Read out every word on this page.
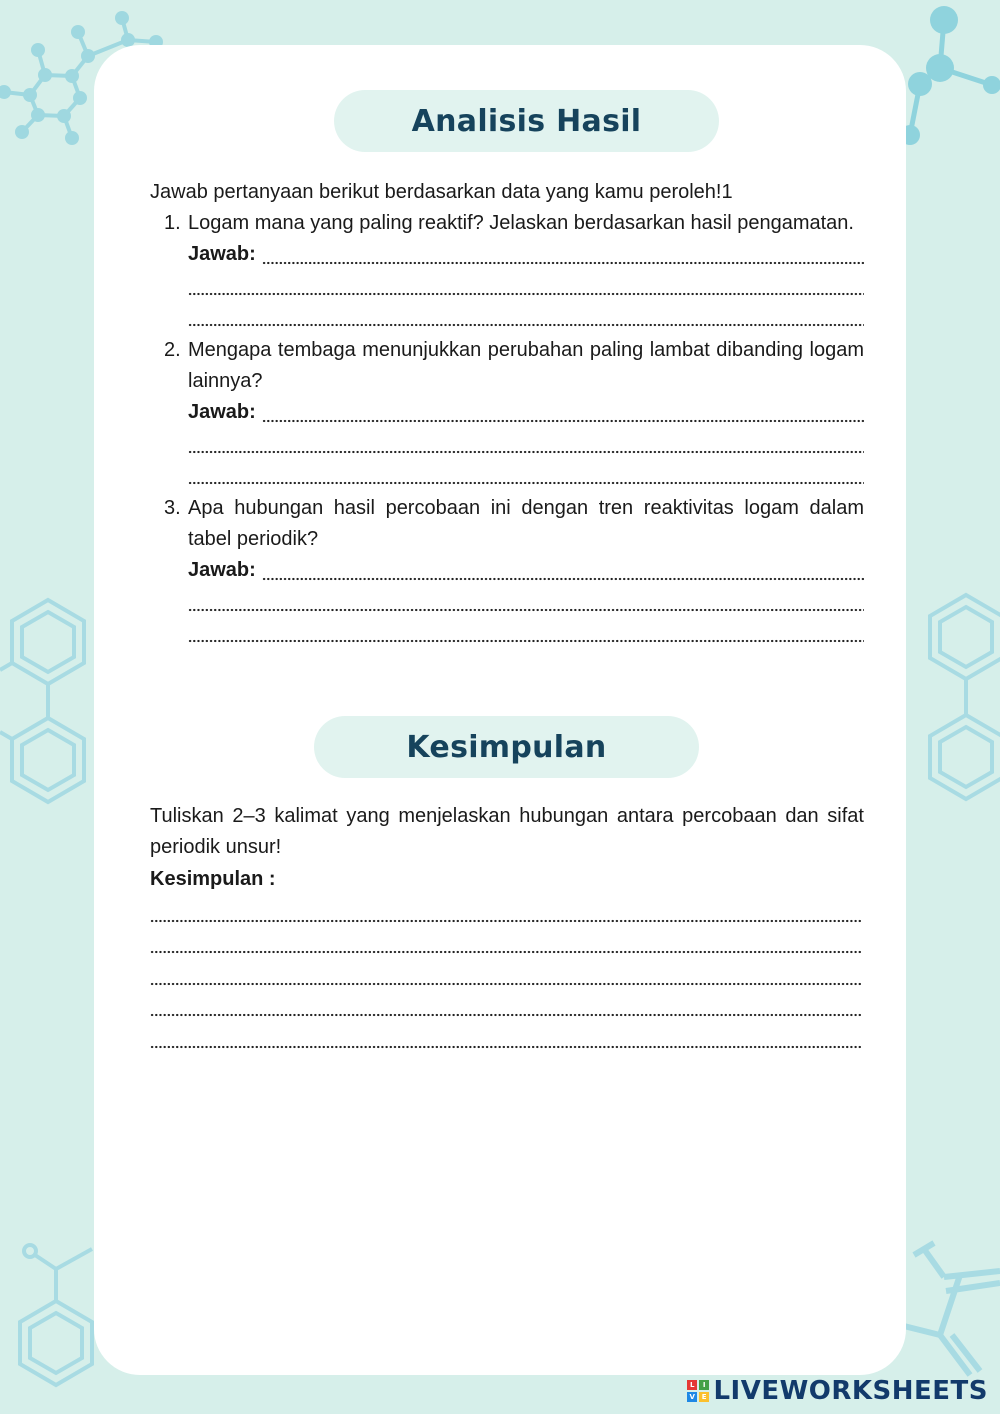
Analisis Hasil
Jawab pertanyaan berikut berdasarkan data yang kamu peroleh!1
1. Logam mana yang paling reaktif? Jelaskan berdasarkan hasil pengamatan.
Jawab:
2. Mengapa tembaga menunjukkan perubahan paling lambat dibanding logam lainnya?
Jawab:
3. Apa hubungan hasil percobaan ini dengan tren reaktivitas logam dalam tabel periodik?
Jawab:
Kesimpulan
Tuliskan 2–3 kalimat yang menjelaskan hubungan antara percobaan dan sifat periodik unsur!
Kesimpulan :
L	I
V E LIVEWORKSHEETS
